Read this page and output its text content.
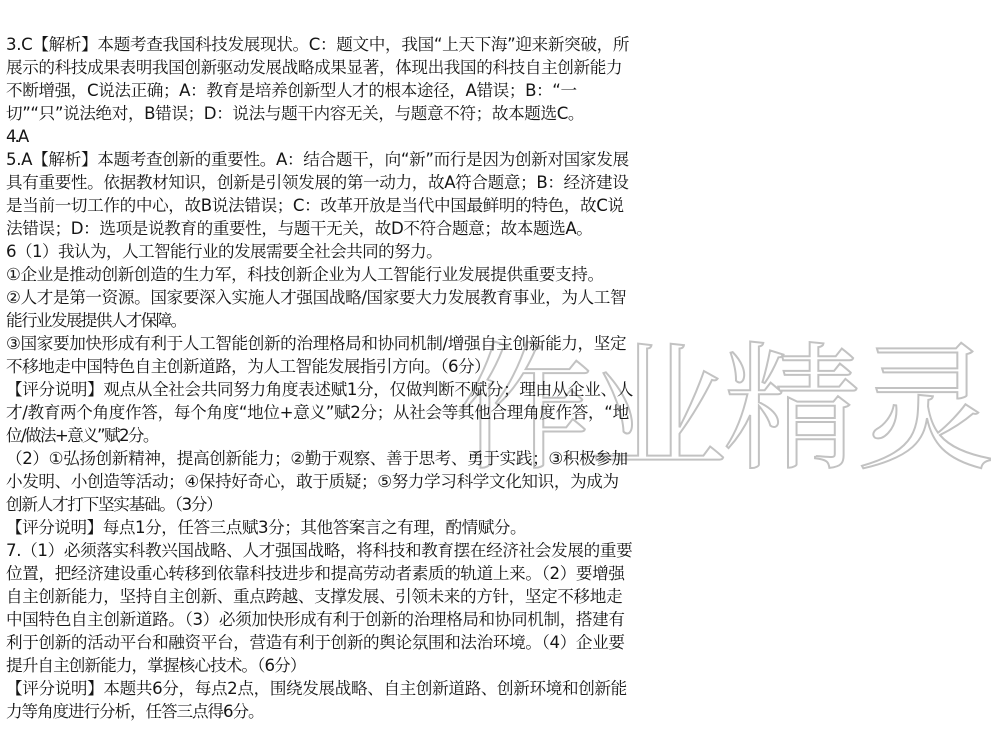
作业精灵
3.C【解析】本题考查我国科技发展现状。C：题文中，我国“上天下海”迎来新突破，所
展示的科技成果表明我国创新驱动发展战略成果显著，体现出我国的科技自主创新能力
不断增强，C说法正确；A：教育是培养创新型人才的根本途径，A错误；B：“一
切”“只”说法绝对，B错误；D：说法与题干内容无关，与题意不符；故本题选C。
4.A
5.A【解析】本题考查创新的重要性。A：结合题干，向“新”而行是因为创新对国家发展
具有重要性。依据教材知识，创新是引领发展的第一动力，故A符合题意；B：经济建设
是当前一切工作的中心，故B说法错误；C：改革开放是当代中国最鲜明的特色，故C说
法错误；D：选项是说教育的重要性，与题干无关，故D不符合题意；故本题选A。
6（1）我认为，人工智能行业的发展需要全社会共同的努力。
①企业是推动创新创造的生力军，科技创新企业为人工智能行业发展提供重要支持。
②人才是第一资源。国家要深入实施人才强国战略/国家要大力发展教育事业，为人工智
能行业发展提供人才保障。
③国家要加快形成有利于人工智能创新的治理格局和协同机制/增强自主创新能力，坚定
不移地走中国特色自主创新道路，为人工智能发展指引方向。（6分）
【评分说明】观点从全社会共同努力角度表述赋1分，仅做判断不赋分；理由从企业、人
才/教育两个角度作答，每个角度“地位+意义”赋2分；从社会等其他合理角度作答，“地
位/做法+意义”赋2分。
（2）①弘扬创新精神，提高创新能力；②勤于观察、善于思考、勇于实践；③积极参加
小发明、小创造等活动；④保持好奇心，敢于质疑；⑤努力学习科学文化知识，为成为
创新人才打下坚实基础。（3分）
【评分说明】每点1分，任答三点赋3分；其他答案言之有理，酌情赋分。
7.（1）必须落实科教兴国战略、人才强国战略，将科技和教育摆在经济社会发展的重要
位置，把经济建设重心转移到依靠科技进步和提高劳动者素质的轨道上来。（2）要增强
自主创新能力，坚持自主创新、重点跨越、支撑发展、引领未来的方针，坚定不移地走
中国特色自主创新道路。（3）必须加快形成有利于创新的治理格局和协同机制，搭建有
利于创新的活动平台和融资平台，营造有利于创新的舆论氛围和法治环境。（4）企业要
提升自主创新能力，掌握核心技术。（6分）
【评分说明】本题共6分，每点2点，围绕发展战略、自主创新道路、创新环境和创新能
力等角度进行分析，任答三点得6分。
